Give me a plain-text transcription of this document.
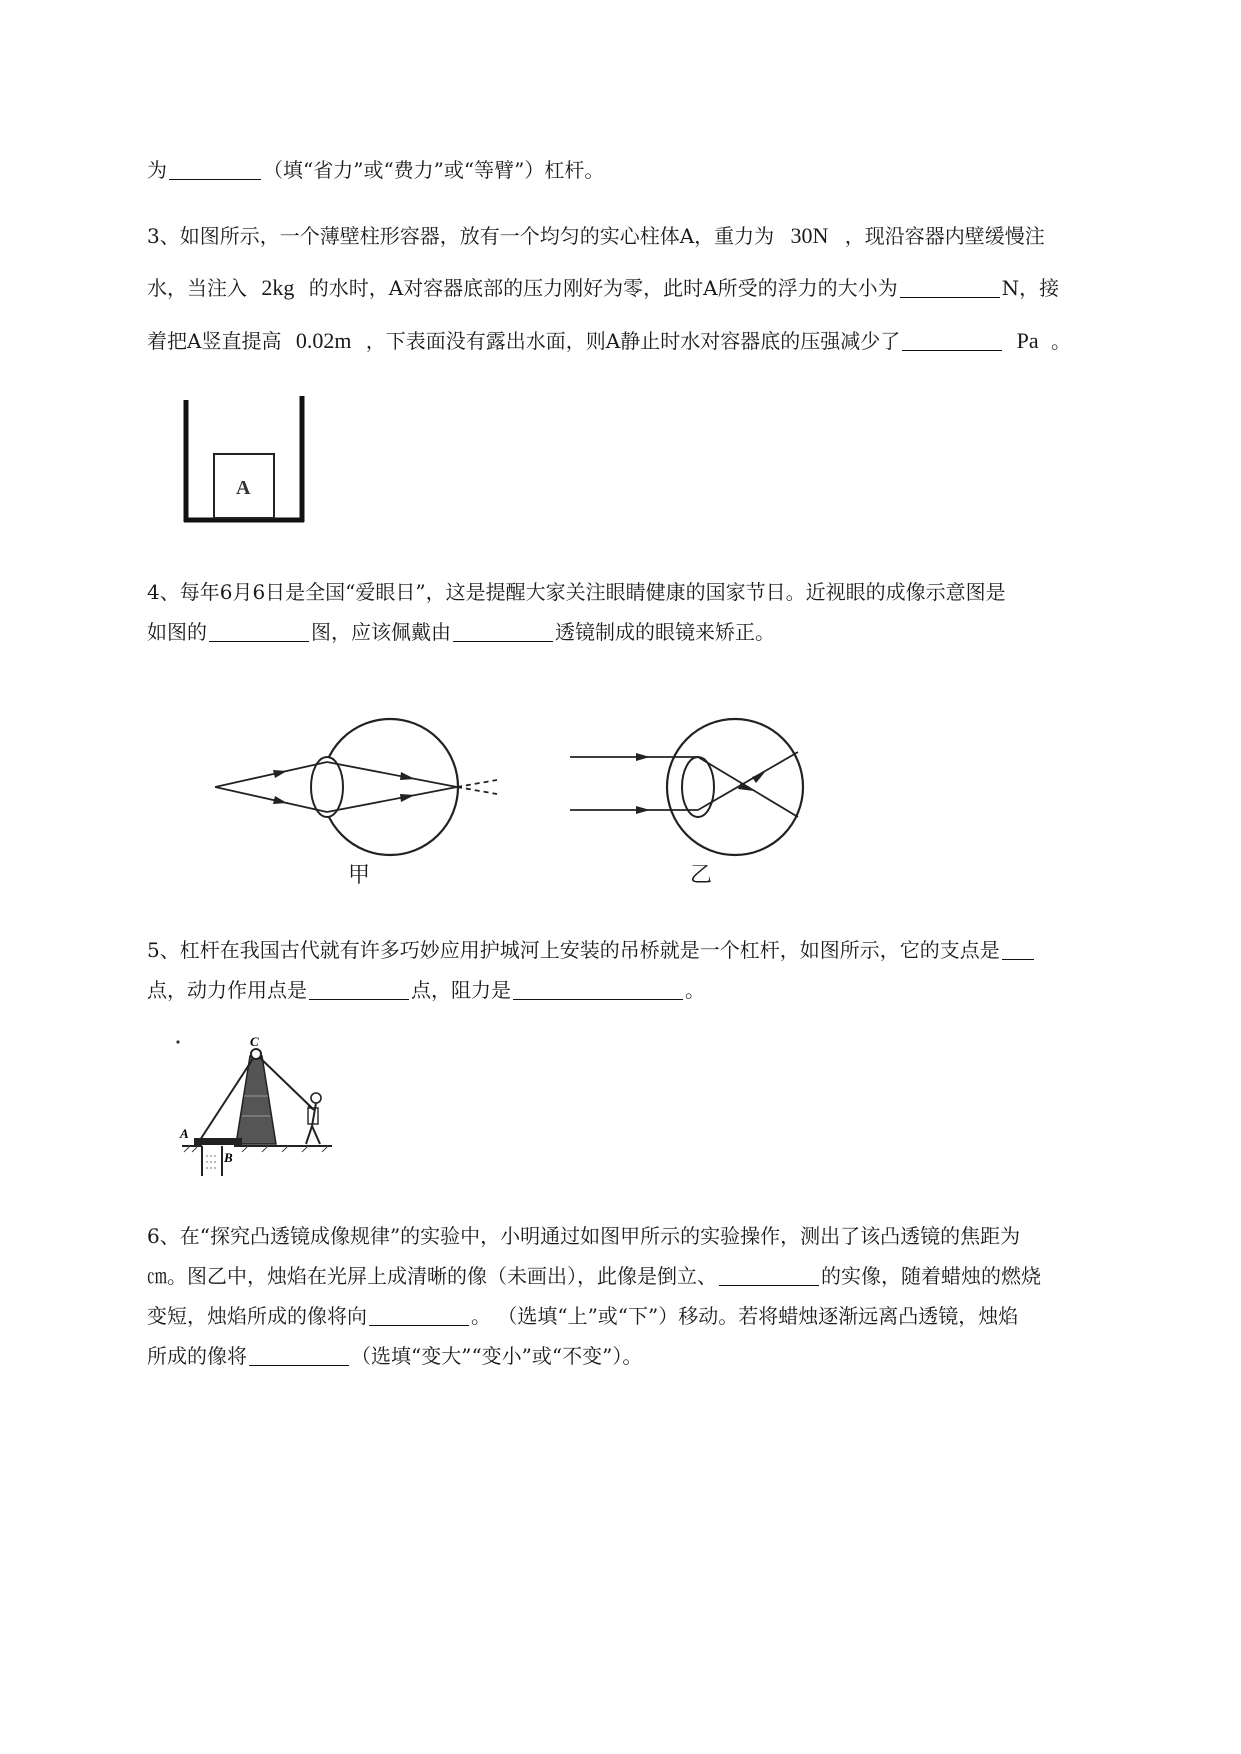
为	（填“省力”或“费力”或“等臂”）杠杆。
3、如图所示，一个薄壁柱形容器，放有一个均匀的实心柱体A，重力为 30N ，现沿容器内壁缓慢注
水，当注入 2kg 的水时，A对容器底部的压力刚好为零，此时A所受的浮力的大小为	N，接
着把A竖直提高 0.02m ，下表面没有露出水面，则A静止时水对容器底的压强减少了	Pa 。
A
4、每年6月6日是全国“爱眼日”，这是提醒大家关注眼睛健康的国家节日。近视眼的成像示意图是
如图的	图，应该佩戴由	透镜制成的眼镜来矫正。
甲	乙
5、杠杆在我国古代就有许多巧妙应用护城河上安装的吊桥就是一个杠杆，如图所示，它的支点是
点，动力作用点是	点，阻力是	。
C
A
B
6、在“探究凸透镜成像规律”的实验中，小明通过如图甲所示的实验操作，测出了该凸透镜的焦距为
㎝。图乙中，烛焰在光屏上成清晰的像（未画出），此像是倒立、	的实像，随着蜡烛的燃烧
变短，烛焰所成的像将向	。 （选填“上”或“下”）移动。若将蜡烛逐渐远离凸透镜，烛焰
所成的像将	（选填“变大”“变小”或“不变”）。
